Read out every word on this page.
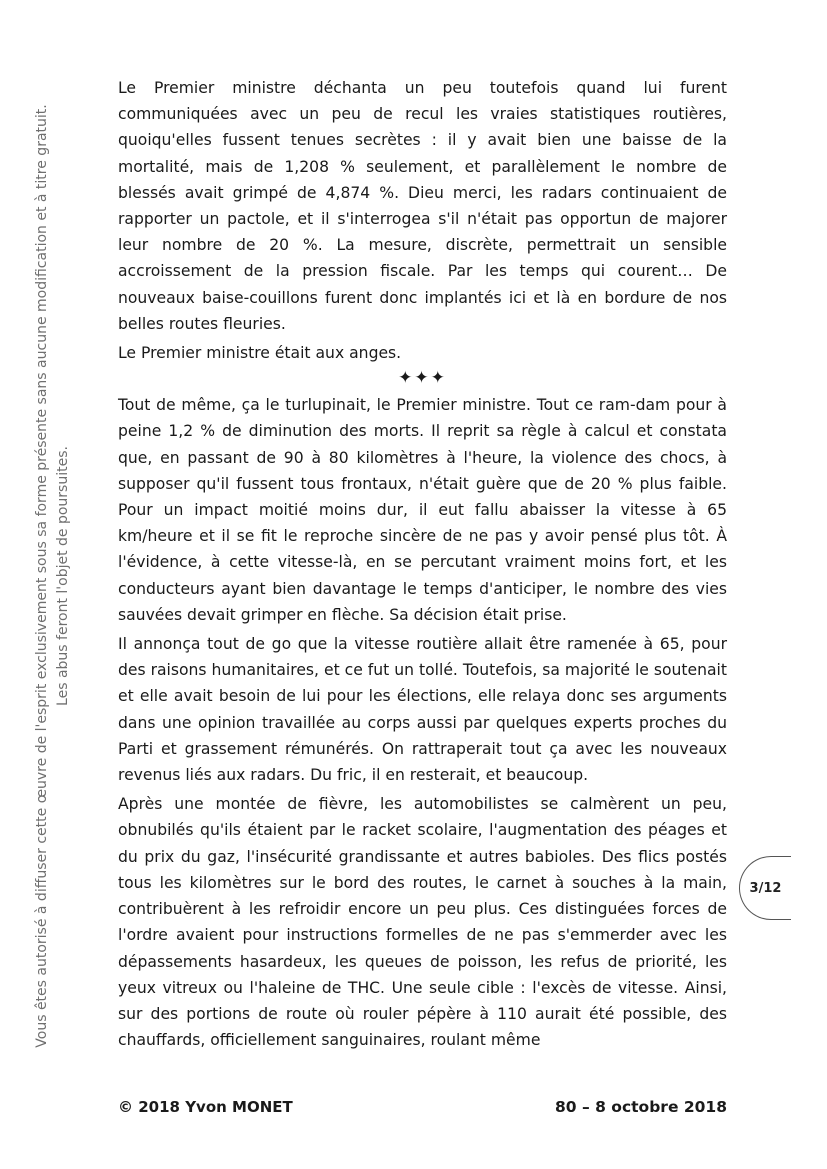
Vous êtes autorisé à diffuser cette œuvre de l'esprit exclusivement sous sa forme présente sans aucune modification et à titre gratuit. Les abus feront l'objet de poursuites.

Le Premier ministre déchanta un peu toutefois quand lui furent communiquées avec un peu de recul les vraies statistiques routières, quoiqu'elles fussent tenues secrètes : il y avait bien une baisse de la mortalité, mais de 1,208 % seulement, et parallèlement le nombre de blessés avait grimpé de 4,874 %. Dieu merci, les radars continuaient de rapporter un pactole, et il s'interrogea s'il n'était pas opportun de majorer leur nombre de 20 %. La mesure, discrète, permettrait un sensible accroissement de la pression fiscale. Par les temps qui courent… De nouveaux baise-couillons furent donc implantés ici et là en bordure de nos belles routes fleuries.

Le Premier ministre était aux anges.

✦✦✦

Tout de même, ça le turlupinait, le Premier ministre. Tout ce ram-dam pour à peine 1,2 % de diminution des morts. Il reprit sa règle à calcul et constata que, en passant de 90 à 80 kilomètres à l'heure, la violence des chocs, à supposer qu'il fussent tous frontaux, n'était guère que de 20 % plus faible. Pour un impact moitié moins dur, il eut fallu abaisser la vitesse à 65 km/heure et il se fit le reproche sincère de ne pas y avoir pensé plus tôt. À l'évidence, à cette vitesse-là, en se percutant vraiment moins fort, et les conducteurs ayant bien davantage le temps d'anticiper, le nombre des vies sauvées devait grimper en flèche. Sa décision était prise.

Il annonça tout de go que la vitesse routière allait être ramenée à 65, pour des raisons humanitaires, et ce fut un tollé. Toutefois, sa majorité le soutenait et elle avait besoin de lui pour les élections, elle relaya donc ses arguments dans une opinion travaillée au corps aussi par quelques experts proches du Parti et grassement rémunérés. On rattraperait tout ça avec les nouveaux revenus liés aux radars. Du fric, il en resterait, et beaucoup.

Après une montée de fièvre, les automobilistes se calmèrent un peu, obnubilés qu'ils étaient par le racket scolaire, l'augmentation des péages et du prix du gaz, l'insécurité grandissante et autres babioles. Des flics postés tous les kilomètres sur le bord des routes, le carnet à souches à la main, contribuèrent à les refroidir encore un peu plus. Ces distinguées forces de l'ordre avaient pour instructions formelles de ne pas s'emmerder avec les dépassements hasardeux, les queues de poisson, les refus de priorité, les yeux vitreux ou l'haleine de THC. Une seule cible : l'excès de vitesse. Ainsi, sur des portions de route où rouler pépère à 110 aurait été possible, des chauffards, officiellement sanguinaires, roulant même

3/12
© 2018 Yvon MONET	80 – 8 octobre 2018
